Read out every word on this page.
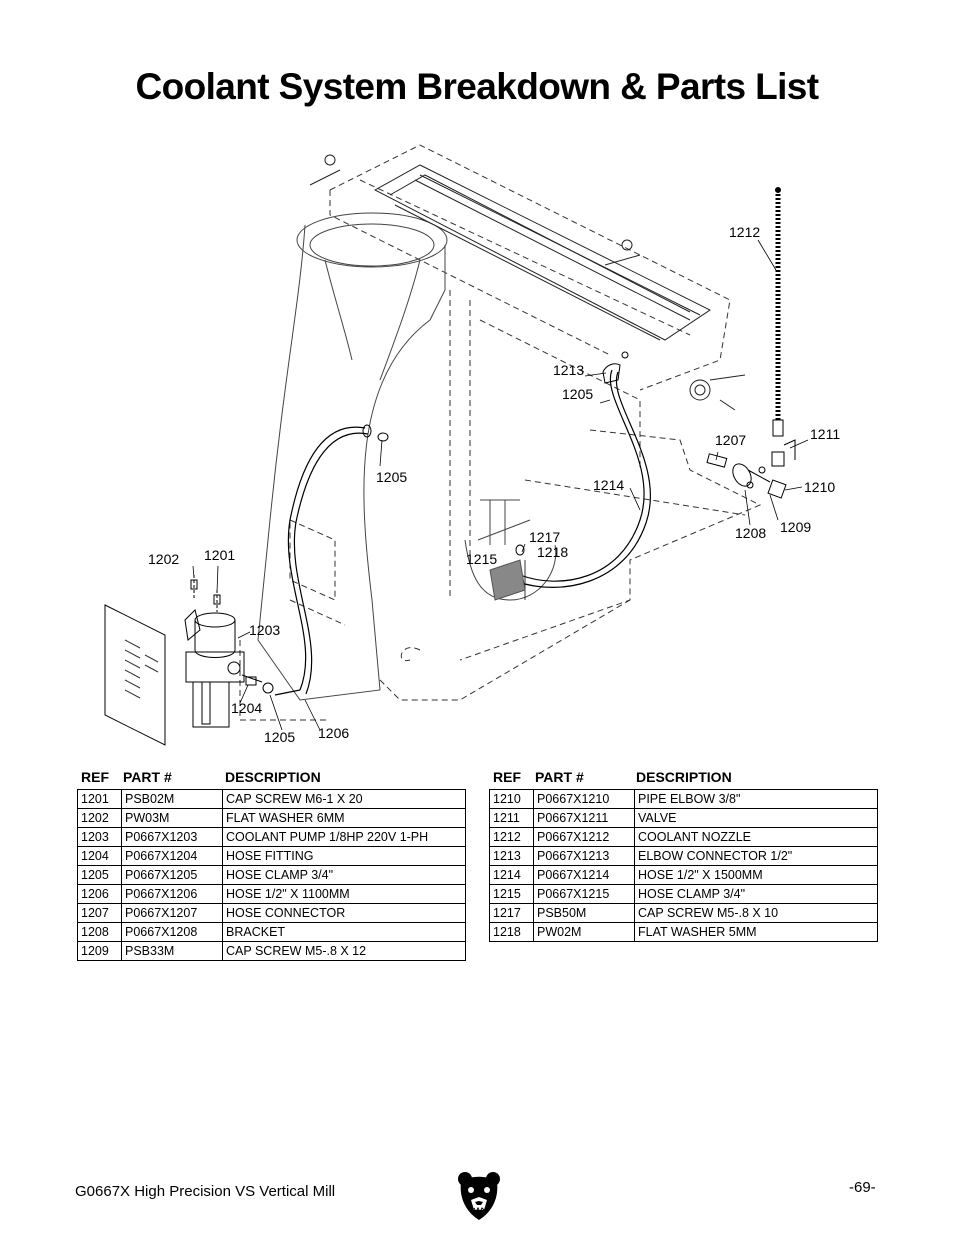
Coolant System Breakdown & Parts List
1212
1213
1205
1211
1207
1214	1210
1205
1209
1208
1217
1218
1215
1202 1201
1203
1204
1205 1206
REF PART #	DESCRIPTION
1201	PSB02M	CAP SCREW M6-1 X 20
1202	PW03M	FLAT WASHER 6MM
1203	P0667X1203	COOLANT PUMP 1/8HP 220V 1-PH
1204	P0667X1204	HOSE FITTING
1205	P0667X1205	HOSE CLAMP 3/4"
1206	P0667X1206	HOSE 1/2" X 1100MM
1207	P0667X1207	HOSE CONNECTOR
1208	P0667X1208	BRACKET
1209	PSB33M	CAP SCREW M5-.8 X 12
REF PART #	DESCRIPTION
1210	P0667X1210	PIPE ELBOW 3/8"
1211	P0667X1211	VALVE
1212	P0667X1212	COOLANT NOZZLE
1213	P0667X1213	ELBOW CONNECTOR 1/2"
1214	P0667X1214	HOSE 1/2" X 1500MM
1215	P0667X1215	HOSE CLAMP 3/4"
1217	PSB50M	CAP SCREW M5-.8 X 10
1218	PW02M	FLAT WASHER 5MM
G0667X High Precision VS Vertical Mill	-69-
